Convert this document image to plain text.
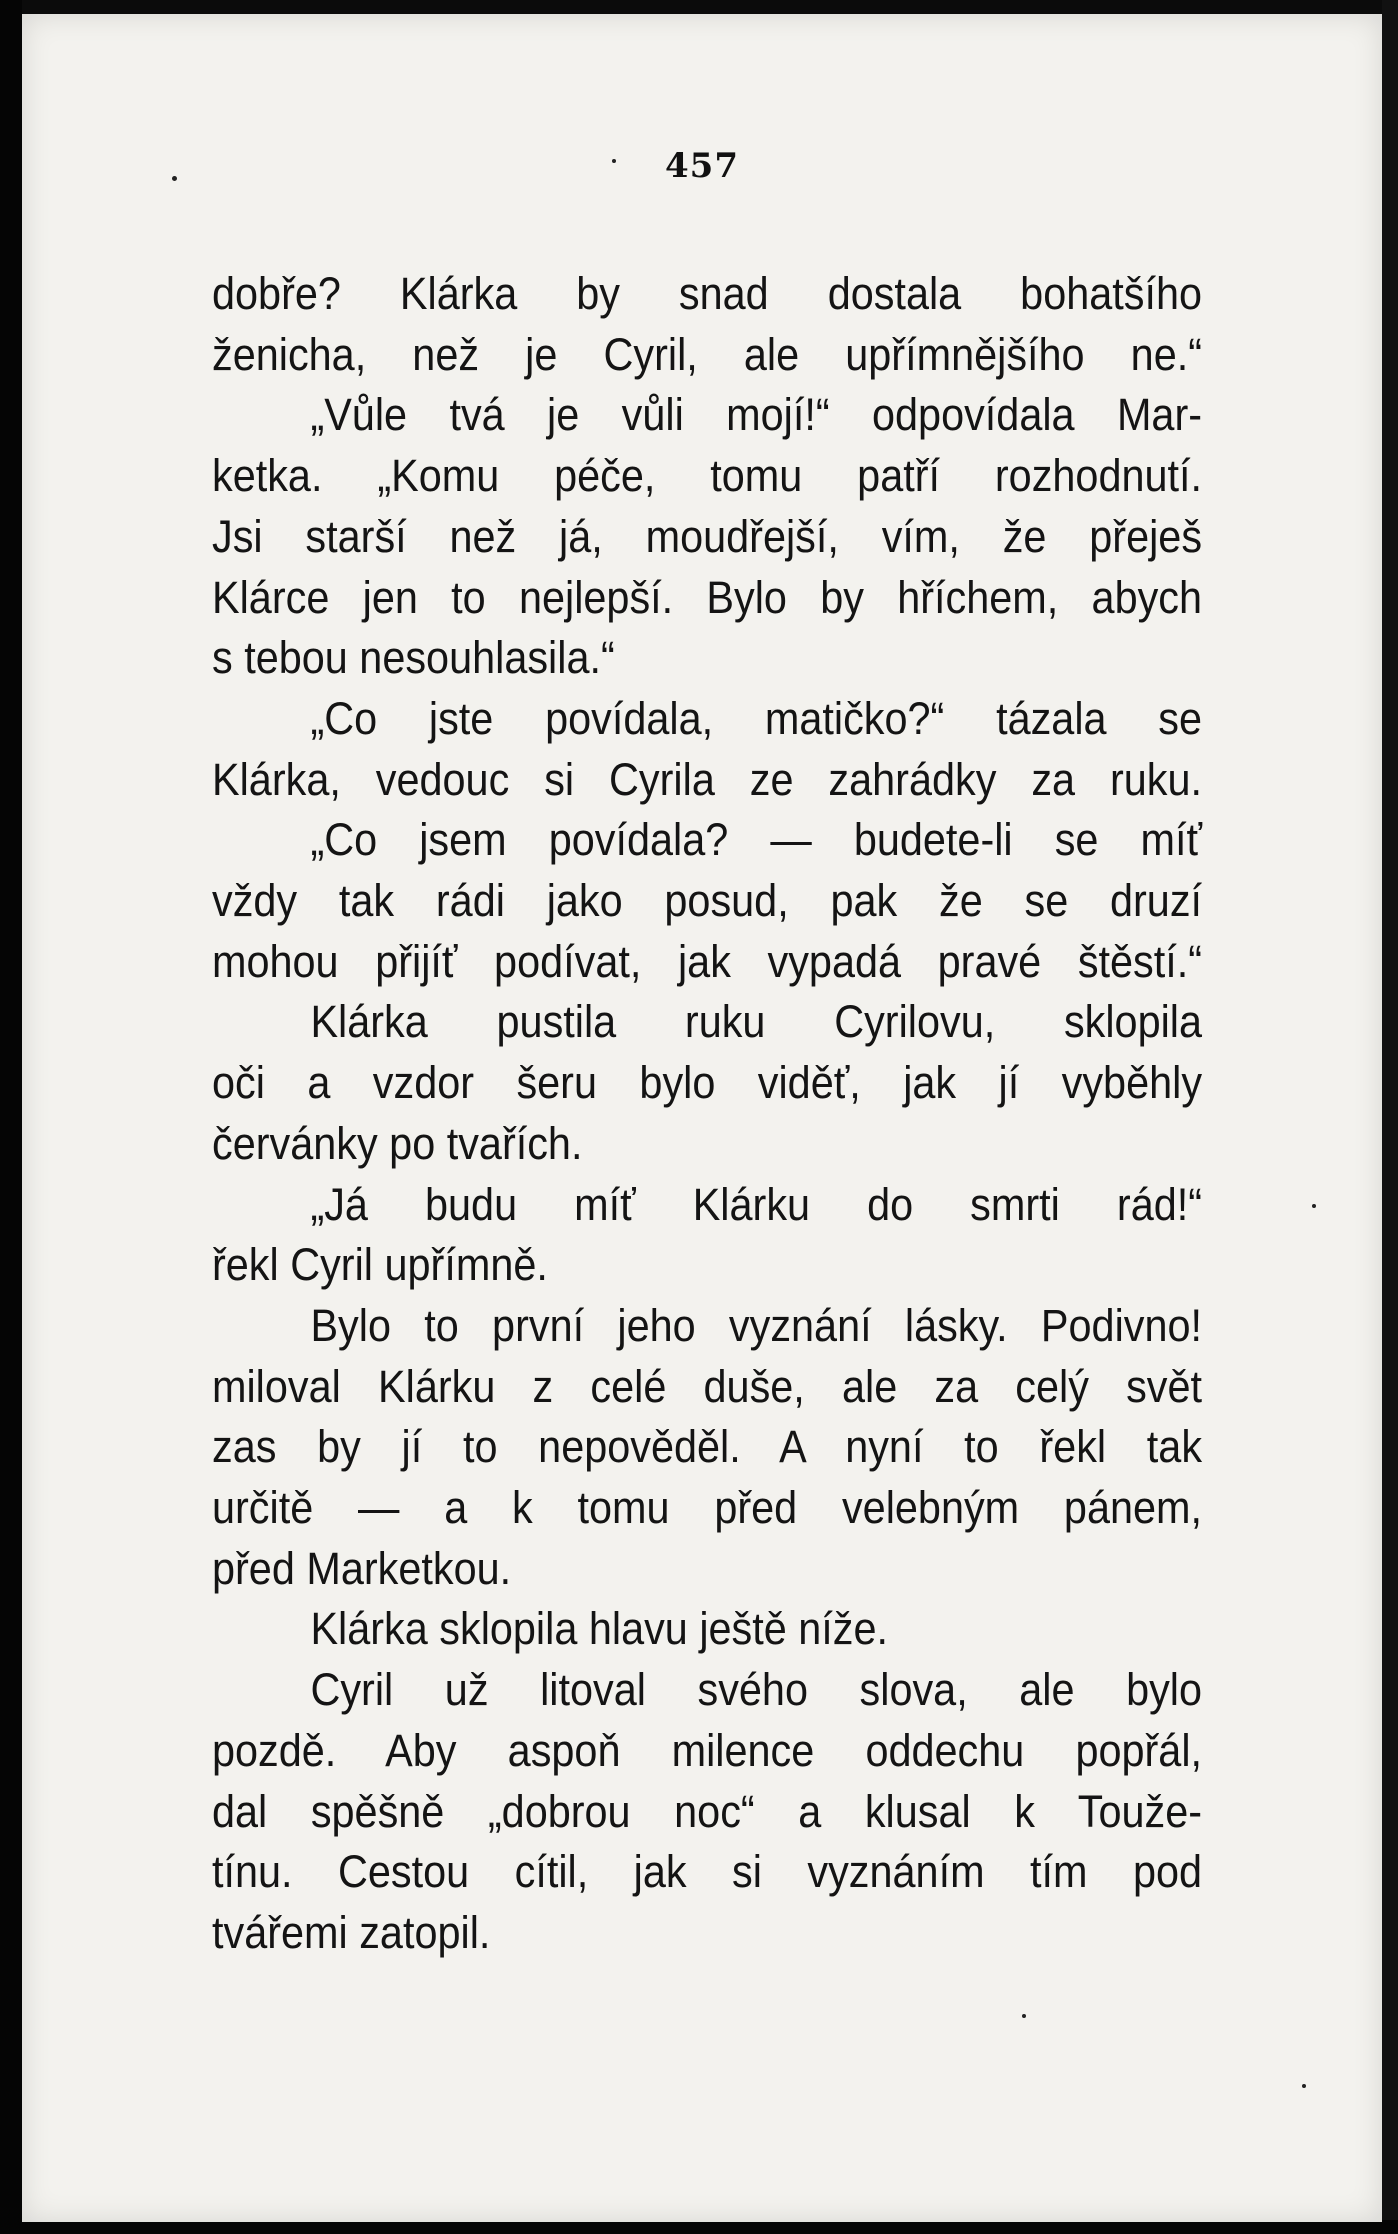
457
dobře? Klárka by snad dostala bohatšího
ženicha, než je Cyril, ale upřímnějšího ne.“
„Vůle tvá je vůli mojí!“ odpovídala Mar-
ketka. „Komu péče, tomu patří rozhodnutí.
Jsi starší než já, moudřejší, vím, že přeješ
Klárce jen to nejlepší. Bylo by hříchem, abych
s tebou nesouhlasila.“
„Co jste povídala, matičko?“ tázala se
Klárka, vedouc si Cyrila ze zahrádky za ruku.
„Co jsem povídala? — budete-li se míť
vždy tak rádi jako posud, pak že se druzí
mohou přijíť podívat, jak vypadá pravé štěstí.“
Klárka pustila ruku Cyrilovu, sklopila
oči a vzdor šeru bylo viděť, jak jí vyběhly
červánky po tvařích.
„Já budu míť Klárku do smrti rád!“
řekl Cyril upřímně.
Bylo to první jeho vyznání lásky. Podivno!
miloval Klárku z celé duše, ale za celý svět
zas by jí to nepověděl. A nyní to řekl tak
určitě — a k tomu před velebným pánem,
před Marketkou.
Klárka sklopila hlavu ještě níže.
Cyril už litoval svého slova, ale bylo
pozdě. Aby aspoň milence oddechu popřál,
dal spěšně „dobrou noc“ a klusal k Touže-
tínu. Cestou cítil, jak si vyznáním tím pod
tvářemi zatopil.
